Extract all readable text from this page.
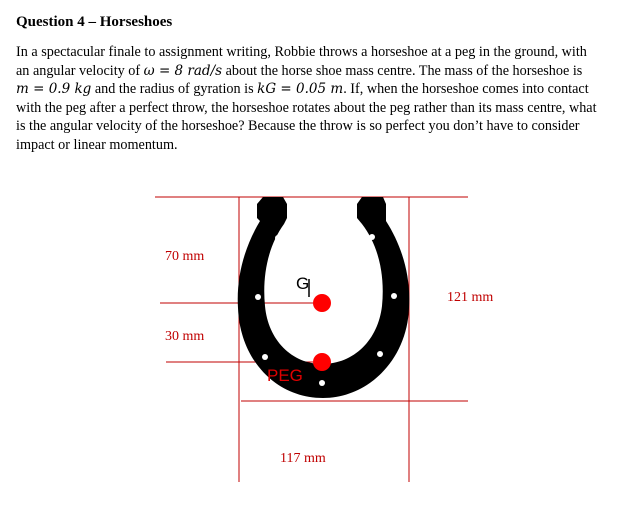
Question 4 – Horseshoes
In a spectacular finale to assignment writing, Robbie throws a horseshoe at a peg in the ground, with
an angular velocity of ω = 8 rad/s about the horse shoe mass centre. The mass of the horseshoe is
m = 0.9 kg and the radius of gyration is kG = 0.05 m. If, when the horseshoe comes into contact
with the peg after a perfect throw, the horseshoe rotates about the peg rather than its mass centre, what
is the angular velocity of the horseshoe? Because the throw is so perfect you don’t have to consider
impact or linear momentum.
70 mm
30 mm
121 mm
117 mm
G
PEG
